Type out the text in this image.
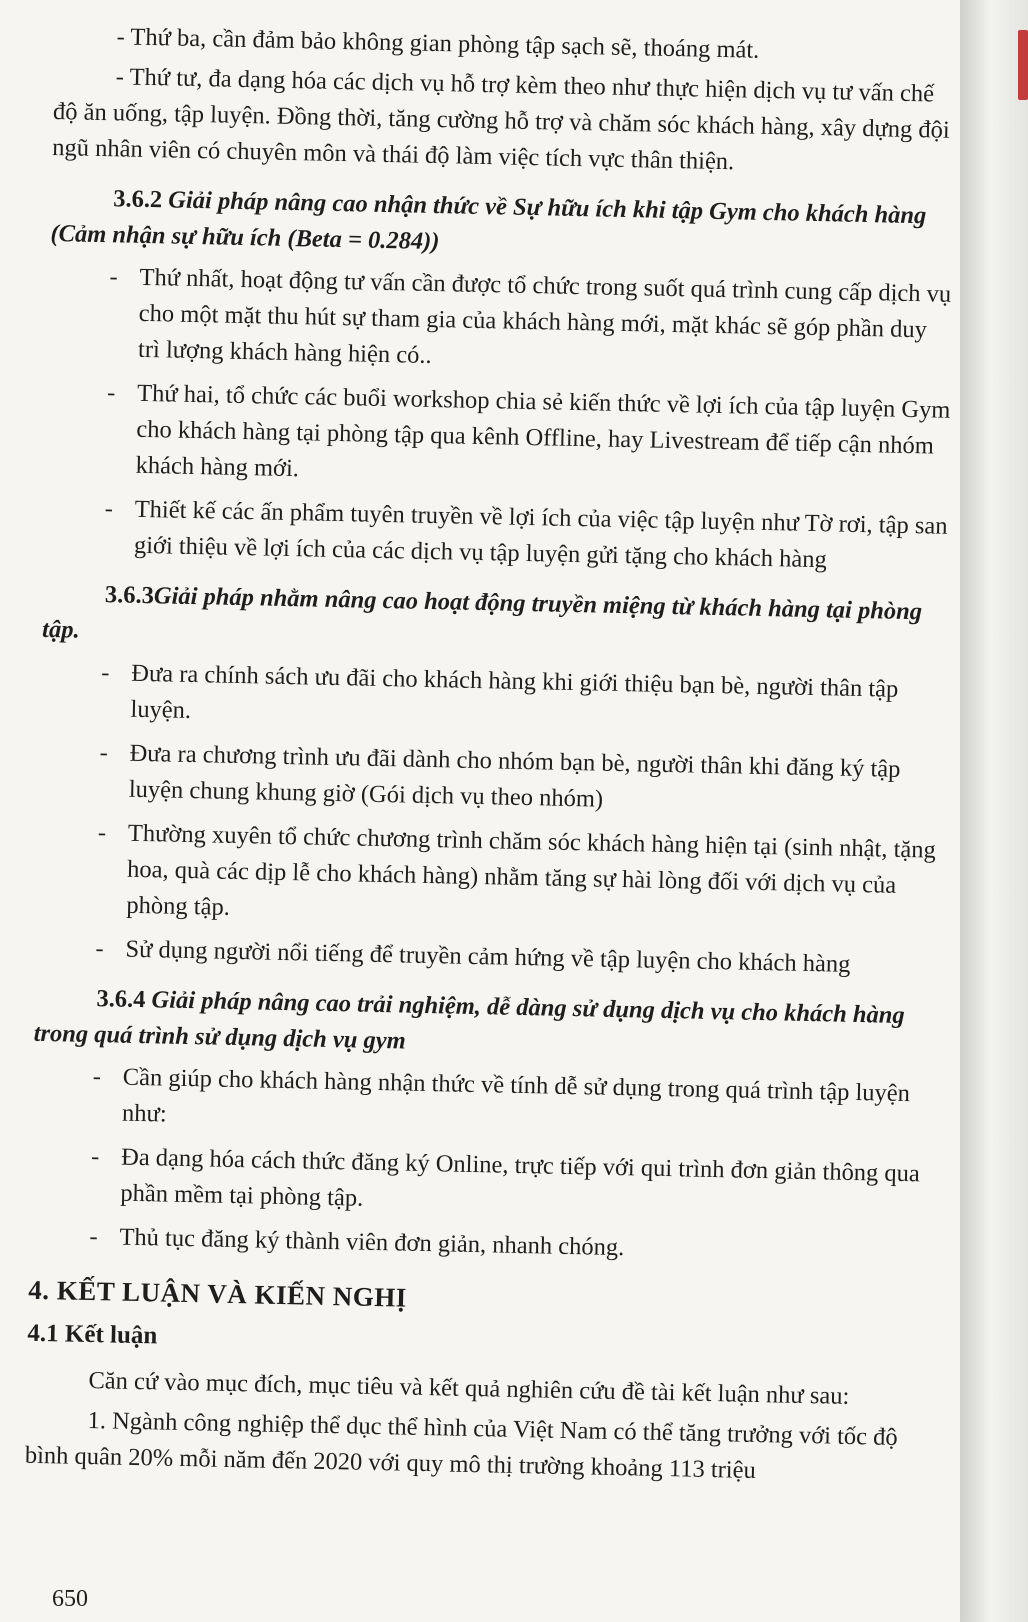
- Thứ ba, cần đảm bảo không gian phòng tập sạch sẽ, thoáng mát.

- Thứ tư, đa dạng hóa các dịch vụ hỗ trợ kèm theo như thực hiện dịch vụ tư vấn chế độ ăn uống, tập luyện. Đồng thời, tăng cường hỗ trợ và chăm sóc khách hàng, xây dựng đội ngũ nhân viên có chuyên môn và thái độ làm việc tích vực thân thiện.

3.6.2 Giải pháp nâng cao nhận thức về Sự hữu ích khi tập Gym cho khách hàng (Cảm nhận sự hữu ích (Beta = 0.284))

- Thứ nhất, hoạt động tư vấn cần được tổ chức trong suốt quá trình cung cấp dịch vụ cho một mặt thu hút sự tham gia của khách hàng mới, mặt khác sẽ góp phần duy trì lượng khách hàng hiện có..
- Thứ hai, tổ chức các buổi workshop chia sẻ kiến thức về lợi ích của tập luyện Gym cho khách hàng tại phòng tập qua kênh Offline, hay Livestream để tiếp cận nhóm khách hàng mới.
- Thiết kế các ấn phẩm tuyên truyền về lợi ích của việc tập luyện như Tờ rơi, tập san giới thiệu về lợi ích của các dịch vụ tập luyện gửi tặng cho khách hàng

3.6.3Giải pháp nhằm nâng cao hoạt động truyền miệng từ khách hàng tại phòng tập.

- Đưa ra chính sách ưu đãi cho khách hàng khi giới thiệu bạn bè, người thân tập luyện.
- Đưa ra chương trình ưu đãi dành cho nhóm bạn bè, người thân khi đăng ký tập luyện chung khung giờ (Gói dịch vụ theo nhóm)
- Thường xuyên tổ chức chương trình chăm sóc khách hàng hiện tại (sinh nhật, tặng hoa, quà các dịp lễ cho khách hàng) nhằm tăng sự hài lòng đối với dịch vụ của phòng tập.
- Sử dụng người nổi tiếng để truyền cảm hứng về tập luyện cho khách hàng

3.6.4 Giải pháp nâng cao trải nghiệm, dễ dàng sử dụng dịch vụ cho khách hàng trong quá trình sử dụng dịch vụ gym

- Cần giúp cho khách hàng nhận thức về tính dễ sử dụng trong quá trình tập luyện như:
- Đa dạng hóa cách thức đăng ký Online, trực tiếp với qui trình đơn giản thông qua phần mềm tại phòng tập.
- Thủ tục đăng ký thành viên đơn giản, nhanh chóng.

4. KẾT LUẬN VÀ KIẾN NGHỊ

4.1 Kết luận

Căn cứ vào mục đích, mục tiêu và kết quả nghiên cứu đề tài kết luận như sau:

1. Ngành công nghiệp thể dục thể hình của Việt Nam có thể tăng trưởng với tốc độ bình quân 20% mỗi năm đến 2020 với quy mô thị trường khoảng 113 triệu

650
